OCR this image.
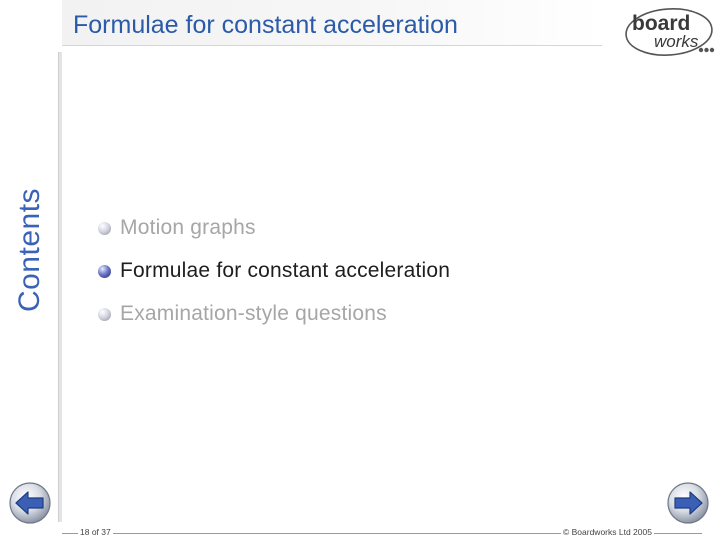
Contents
Formulae for constant acceleration	board
works
Motion graphs
Formulae for constant acceleration
Examination-style questions
18 of 37	© Boardworks Ltd 2005
